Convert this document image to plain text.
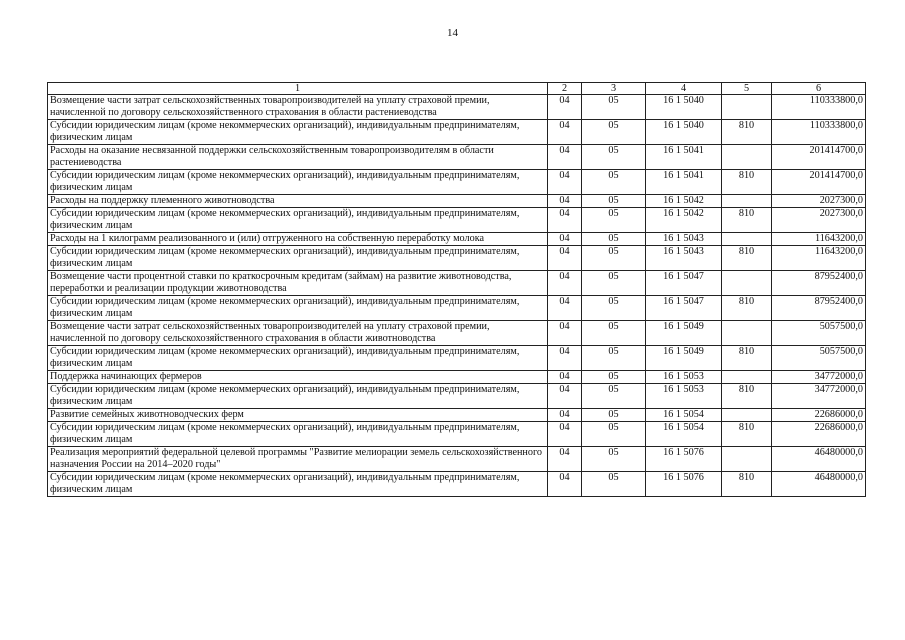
14
1	2	3	4	5	6
Возмещение части затрат сельскохозяйственных товаропроизводителей на уплату страховой премии, начисленной по договору сельскохозяйственного страхования в области растениеводства	04	05	16 1 5040		110333800,0
Субсидии юридическим лицам (кроме некоммерческих организаций), индивидуальным предпринимателям, физическим лицам	04	05	16 1 5040	810	110333800,0
Расходы на оказание несвязанной поддержки сельскохозяйственным товаропроизводителям в области растениеводства	04	05	16 1 5041		201414700,0
Субсидии юридическим лицам (кроме некоммерческих организаций), индивидуальным предпринимателям, физическим лицам	04	05	16 1 5041	810	201414700,0
Расходы на поддержку племенного животноводства	04	05	16 1 5042		2027300,0
Субсидии юридическим лицам (кроме некоммерческих организаций), индивидуальным предпринимателям, физическим лицам	04	05	16 1 5042	810	2027300,0
Расходы на 1 килограмм реализованного и (или) отгруженного на собственную переработку молока	04	05	16 1 5043		11643200,0
Субсидии юридическим лицам (кроме некоммерческих организаций), индивидуальным предпринимателям, физическим лицам	04	05	16 1 5043	810	11643200,0
Возмещение части процентной ставки по краткосрочным кредитам (займам) на развитие животноводства, переработки и реализации продукции животноводства	04	05	16 1 5047		87952400,0
Субсидии юридическим лицам (кроме некоммерческих организаций), индивидуальным предпринимателям, физическим лицам	04	05	16 1 5047	810	87952400,0
Возмещение части затрат сельскохозяйственных товаропроизводителей на уплату страховой премии, начисленной по договору сельскохозяйственного страхования в области животноводства	04	05	16 1 5049		5057500,0
Субсидии юридическим лицам (кроме некоммерческих организаций), индивидуальным предпринимателям, физическим лицам	04	05	16 1 5049	810	5057500,0
Поддержка начинающих фермеров	04	05	16 1 5053		34772000,0
Субсидии юридическим лицам (кроме некоммерческих организаций), индивидуальным предпринимателям, физическим лицам	04	05	16 1 5053	810	34772000,0
Развитие семейных животноводческих ферм	04	05	16 1 5054		22686000,0
Субсидии юридическим лицам (кроме некоммерческих организаций), индивидуальным предпринимателям, физическим лицам	04	05	16 1 5054	810	22686000,0
Реализация мероприятий федеральной целевой программы "Развитие мелиорации земель сельскохозяйственного назначения России на 2014–2020 годы"	04	05	16 1 5076		46480000,0
Субсидии юридическим лицам (кроме некоммерческих организаций), индивидуальным предпринимателям, физическим лицам	04	05	16 1 5076	810	46480000,0
